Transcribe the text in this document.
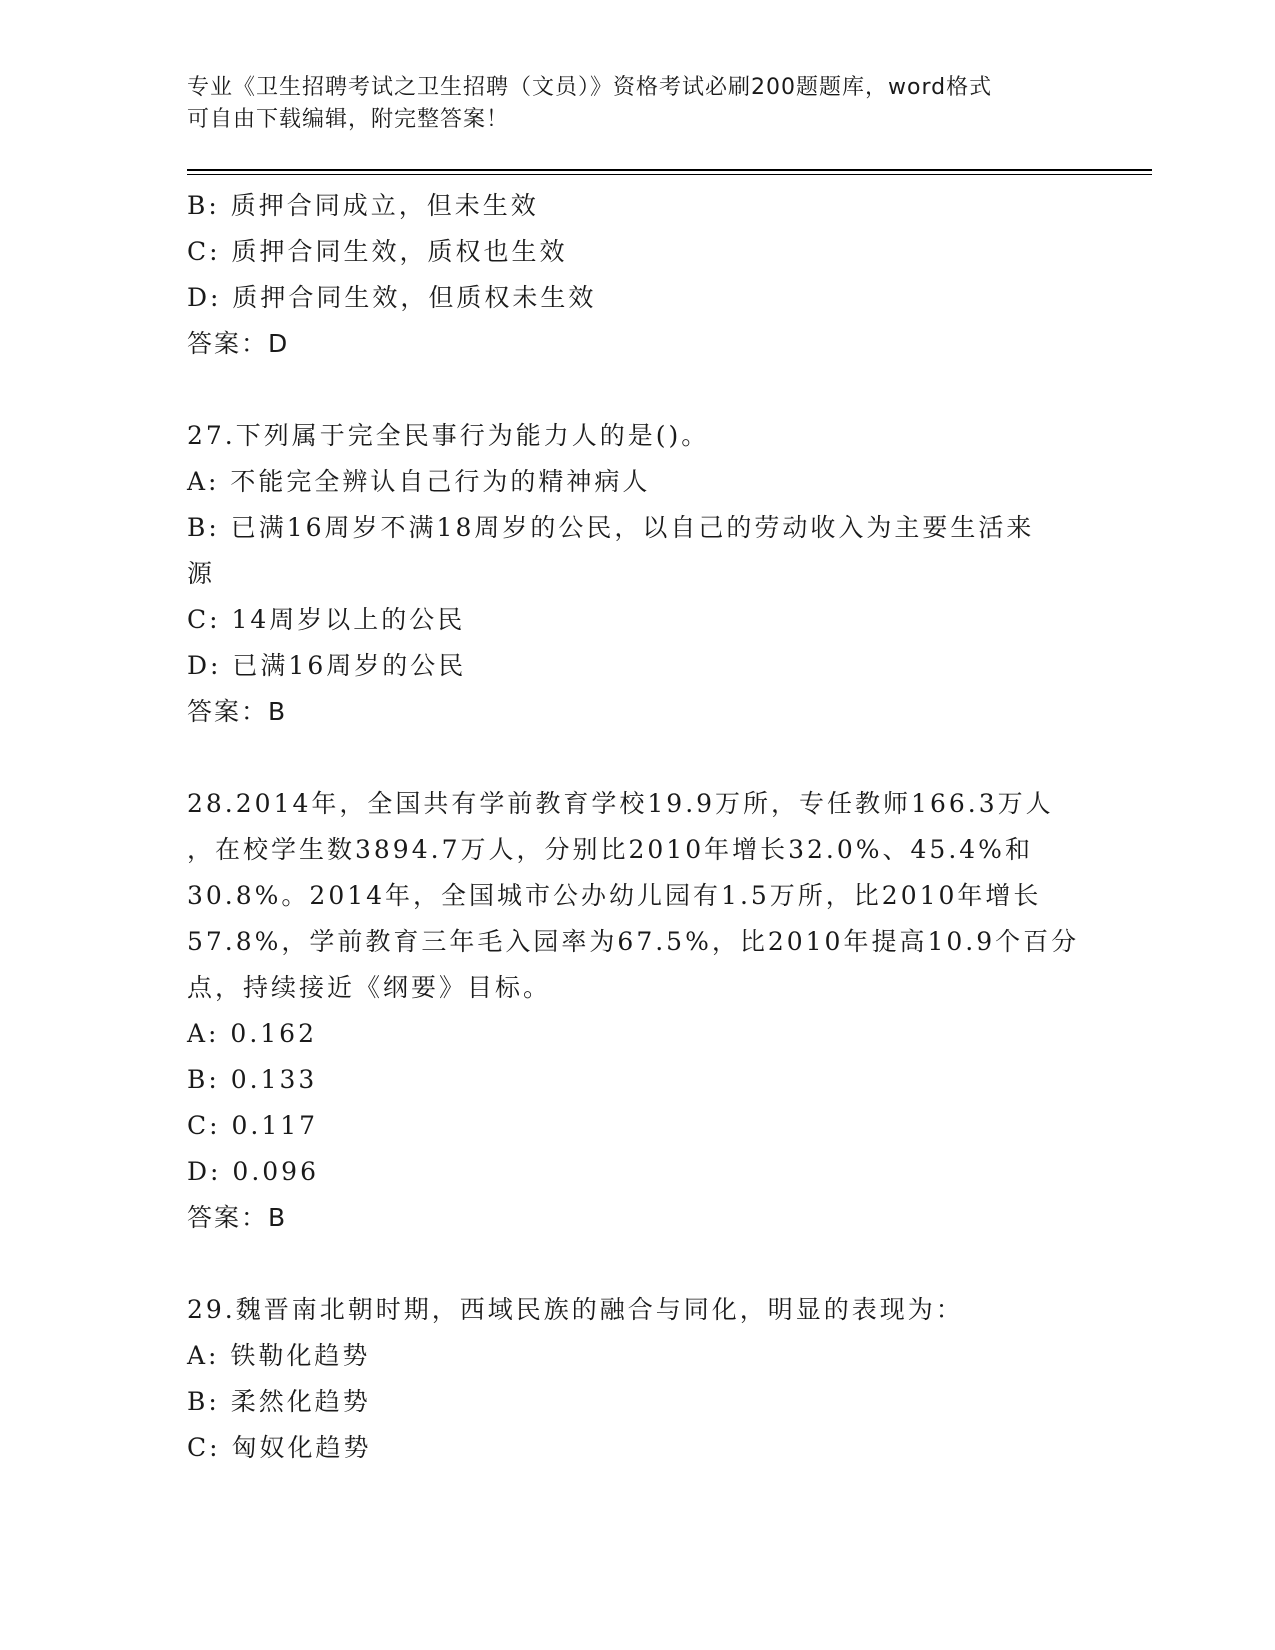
专业《卫生招聘考试之卫生招聘（文员）》资格考试必刷200题题库，word格式
可自由下载编辑，附完整答案！
B: 质押合同成立，但未生效
C: 质押合同生效，质权也生效
D: 质押合同生效，但质权未生效
答案：D
27.下列属于完全民事行为能力人的是()。
A: 不能完全辨认自己行为的精神病人
B: 已满16周岁不满18周岁的公民，以自己的劳动收入为主要生活来
源
C: 14周岁以上的公民
D: 已满16周岁的公民
答案：B
28.2014年，全国共有学前教育学校19.9万所，专任教师166.3万人
，在校学生数3894.7万人，分别比2010年增长32.0%、45.4%和
30.8%。2014年，全国城市公办幼儿园有1.5万所，比2010年增长
57.8%，学前教育三年毛入园率为67.5%，比2010年提高10.9个百分
点，持续接近《纲要》目标。
A: 0.162
B: 0.133
C: 0.117
D: 0.096
答案：B
29.魏晋南北朝时期，西域民族的融合与同化，明显的表现为：
A: 铁勒化趋势
B: 柔然化趋势
C: 匈奴化趋势
